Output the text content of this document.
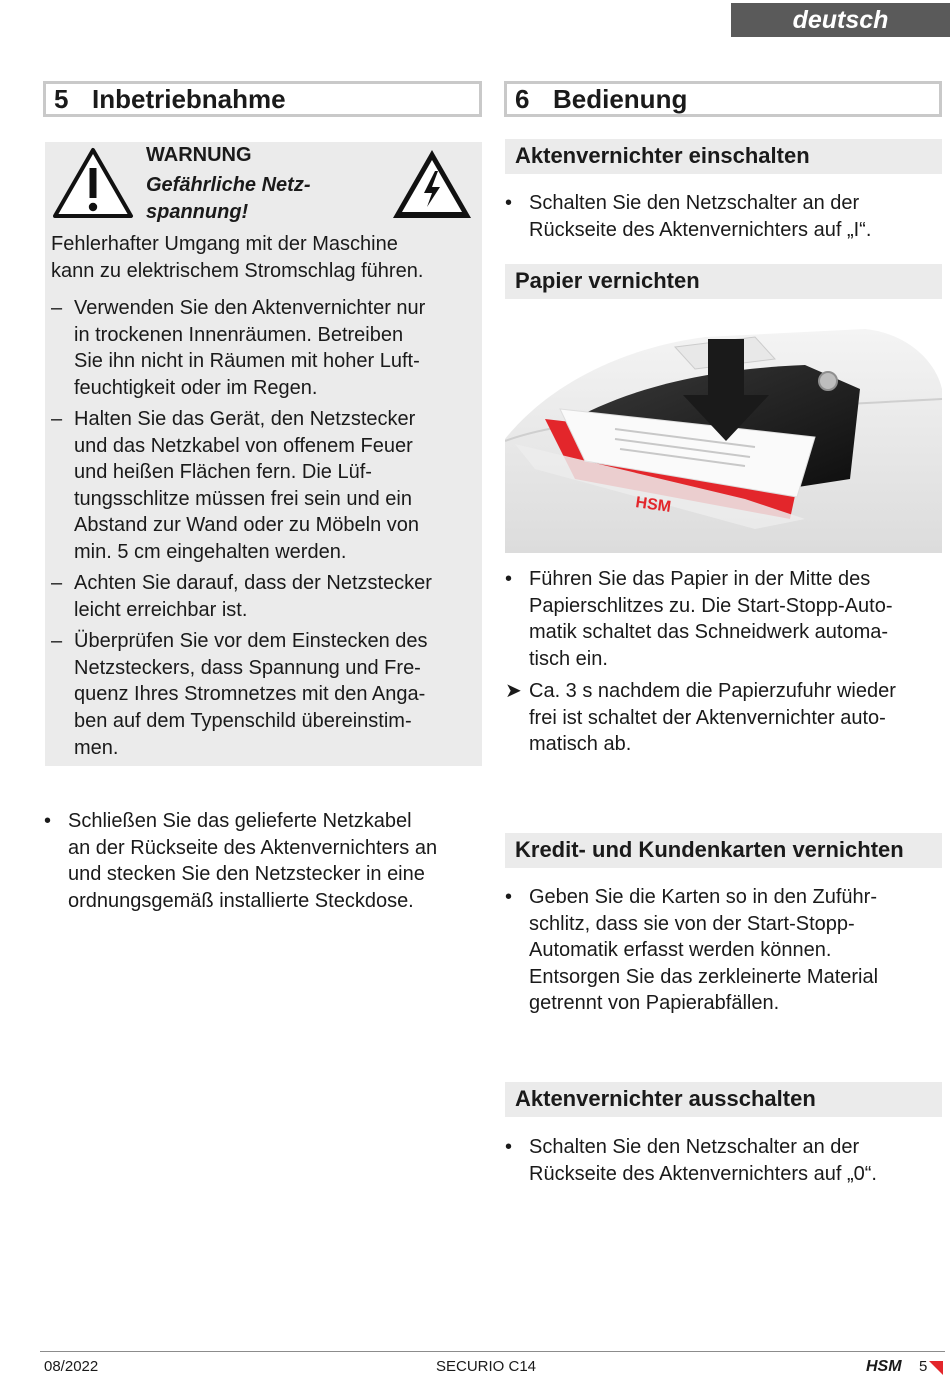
deutsch
5 Inbetriebnahme
WARNUNG
Gefährliche Netz-
spannung!
Fehlerhafter Umgang mit der Maschine
kann zu elektrischem Stromschlag führen.
– Verwenden Sie den Aktenvernichter nur
in trockenen Innenräumen. Betreiben
Sie ihn nicht in Räumen mit hoher Luft-
feuchtigkeit oder im Regen.
– Halten Sie das Gerät, den Netzstecker
und das Netzkabel von offenem Feuer
und heißen Flächen fern. Die Lüf-
tungsschlitze müssen frei sein und ein
Abstand zur Wand oder zu Möbeln von
min. 5 cm eingehalten werden.
– Achten Sie darauf, dass der Netzstecker
leicht erreichbar ist.
– Überprüfen Sie vor dem Einstecken des
Netzsteckers, dass Spannung und Fre-
quenz Ihres Stromnetzes mit den Anga-
ben auf dem Typenschild übereinstim-
men.
• Schließen Sie das gelieferte Netzkabel
an der Rückseite des Aktenvernichters an
und stecken Sie den Netzstecker in eine
ordnungsgemäß installierte Steckdose.
6 Bedienung
Aktenvernichter einschalten
• Schalten Sie den Netzschalter an der
Rückseite des Aktenvernichters auf „I“.
Papier vernichten
HSM
• Führen Sie das Papier in der Mitte des
Papierschlitzes zu. Die Start-Stopp-Auto-
matik schaltet das Schneidwerk automa-
tisch ein.
➤ Ca. 3 s nachdem die Papierzufuhr wieder
frei ist schaltet der Aktenvernichter auto-
matisch ab.
Kredit- und Kundenkarten vernichten
• Geben Sie die Karten so in den Zuführ-
schlitz, dass sie von der Start-Stopp-
Automatik erfasst werden können.
Entsorgen Sie das zerkleinerte Material
getrennt von Papierabfällen.
Aktenvernichter ausschalten
• Schalten Sie den Netzschalter an der
Rückseite des Aktenvernichters auf „0“.
08/2022	SECURIO C14	HSM 5
